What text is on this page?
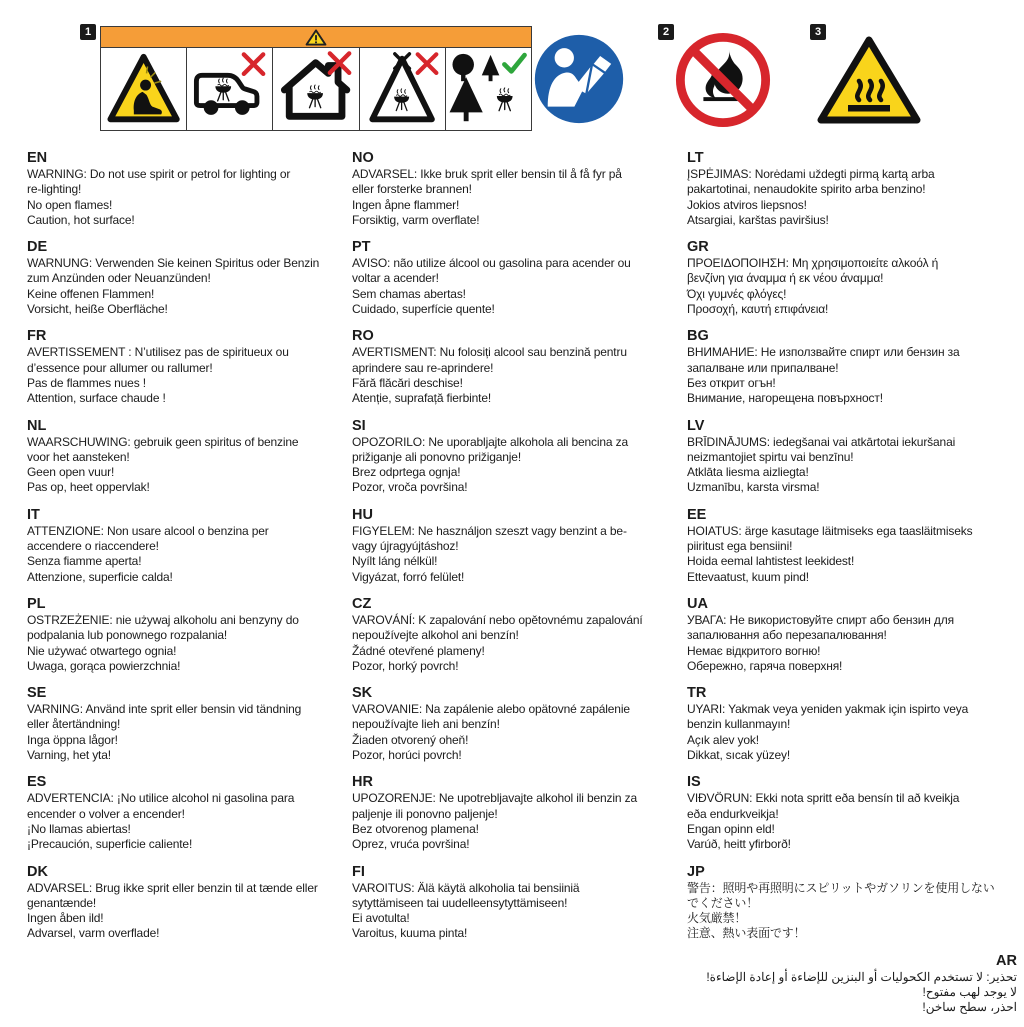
1	2	3
EN
WARNING: Do not use spirit or petrol for lighting or
re-lighting!
No open flames!
Caution, hot surface!
DE
WARNUNG: Verwenden Sie keinen Spiritus oder Benzin
zum Anzünden oder Neuanzünden!
Keine offenen Flammen!
Vorsicht, heiße Oberfläche!
FR
AVERTISSEMENT : N’utilisez pas de spiritueux ou
d’essence pour allumer ou rallumer!
Pas de flammes nues !
Attention, surface chaude !
NL
WAARSCHUWING: gebruik geen spiritus of benzine
voor het aansteken!
Geen open vuur!
Pas op, heet oppervlak!
IT
ATTENZIONE: Non usare alcool o benzina per
accendere o riaccendere!
Senza fiamme aperta!
Attenzione, superficie calda!
PL
OSTRZEŻENIE: nie używaj alkoholu ani benzyny do
podpalania lub ponownego rozpalania!
Nie używać otwartego ognia!
Uwaga, gorąca powierzchnia!
SE
VARNING: Använd inte sprit eller bensin vid tändning
eller återtändning!
Inga öppna lågor!
Varning, het yta!
ES
ADVERTENCIA: ¡No utilice alcohol ni gasolina para
encender o volver a encender!
¡No llamas abiertas!
¡Precaución, superficie caliente!
DK
ADVARSEL: Brug ikke sprit eller benzin til at tænde eller
genantænde!
Ingen åben ild!
Advarsel, varm overflade!
NO
ADVARSEL: Ikke bruk sprit eller bensin til å få fyr på
eller forsterke brannen!
Ingen åpne flammer!
Forsiktig, varm overflate!
PT
AVISO: não utilize álcool ou gasolina para acender ou
voltar a acender!
Sem chamas abertas!
Cuidado, superfície quente!
RO
AVERTISMENT: Nu folosiți alcool sau benzină pentru
aprindere sau re-aprindere!
Fără flăcări deschise!
Atenție, suprafață fierbinte!
SI
OPOZORILO: Ne uporabljajte alkohola ali bencina za
prižiganje ali ponovno prižiganje!
Brez odprtega ognja!
Pozor, vroča površina!
HU
FIGYELEM: Ne használjon szeszt vagy benzint a be-
vagy újragyújtáshoz!
Nyílt láng nélkül!
Vigyázat, forró felület!
CZ
VAROVÁNÍ: K zapalování nebo opětovnému zapalování
nepoužívejte alkohol ani benzín!
Žádné otevřené plameny!
Pozor, horký povrch!
SK
VAROVANIE: Na zapálenie alebo opätovné zapálenie
nepoužívajte lieh ani benzín!
Žiaden otvorený oheň!
Pozor, horúci povrch!
HR
UPOZORENJE: Ne upotrebljavajte alkohol ili benzin za
paljenje ili ponovno paljenje!
Bez otvorenog plamena!
Oprez, vruća površina!
FI
VAROITUS: Älä käytä alkoholia tai bensiiniä
sytyttämiseen tai uudelleensytyttämiseen!
Ei avotulta!
Varoitus, kuuma pinta!
LT
ĮSPĖJIMAS: Norėdami uždegti pirmą kartą arba
pakartotinai, nenaudokite spirito arba benzino!
Jokios atviros liepsnos!
Atsargiai, karštas paviršius!
GR
ΠΡΟΕΙΔΟΠΟΙΗΣΗ: Μη χρησιμοποιείτε αλκοόλ ή
βενζίνη για άναμμα ή εκ νέου άναμμα!
Όχι γυμνές φλόγες!
Προσοχή, καυτή επιφάνεια!
BG
ВНИМАНИЕ: Не използвайте спирт или бензин за
запалване или припалване!
Без открит огън!
Внимание, нагорещена повърхност!
LV
BRĪDINĀJUMS: iedegšanai vai atkārtotai iekuršanai
neizmantojiet spirtu vai benzīnu!
Atklāta liesma aizliegta!
Uzmanību, karsta virsma!
EE
HOIATUS: ärge kasutage läitmiseks ega taasläitmiseks
piiritust ega bensiini!
Hoida eemal lahtistest leekidest!
Ettevaatust, kuum pind!
UA
УВАГА: Не використовуйте спирт або бензин для
запалювання або перезапалювання!
Немає відкритого вогню!
Обережно, гаряча поверхня!
TR
UYARI: Yakmak veya yeniden yakmak için ispirto veya
benzin kullanmayın!
Açık alev yok!
Dikkat, sıcak yüzey!
IS
VIÐVÖRUN: Ekki nota spritt eða bensín til að kveikja
eða endurkveikja!
Engan opinn eld!
Varúð, heitt yfirborð!
JP
警告：照明や再照明にスピリットやガソリンを使用しない
でください！
火気厳禁！
注意、熱い表面です！
AR
تحذير: لا تستخدم الكحوليات أو البنزين للإضاءة أو إعادة الإضاءة!
لا يوجد لهب مفتوح!
احذر، سطح ساخن!
